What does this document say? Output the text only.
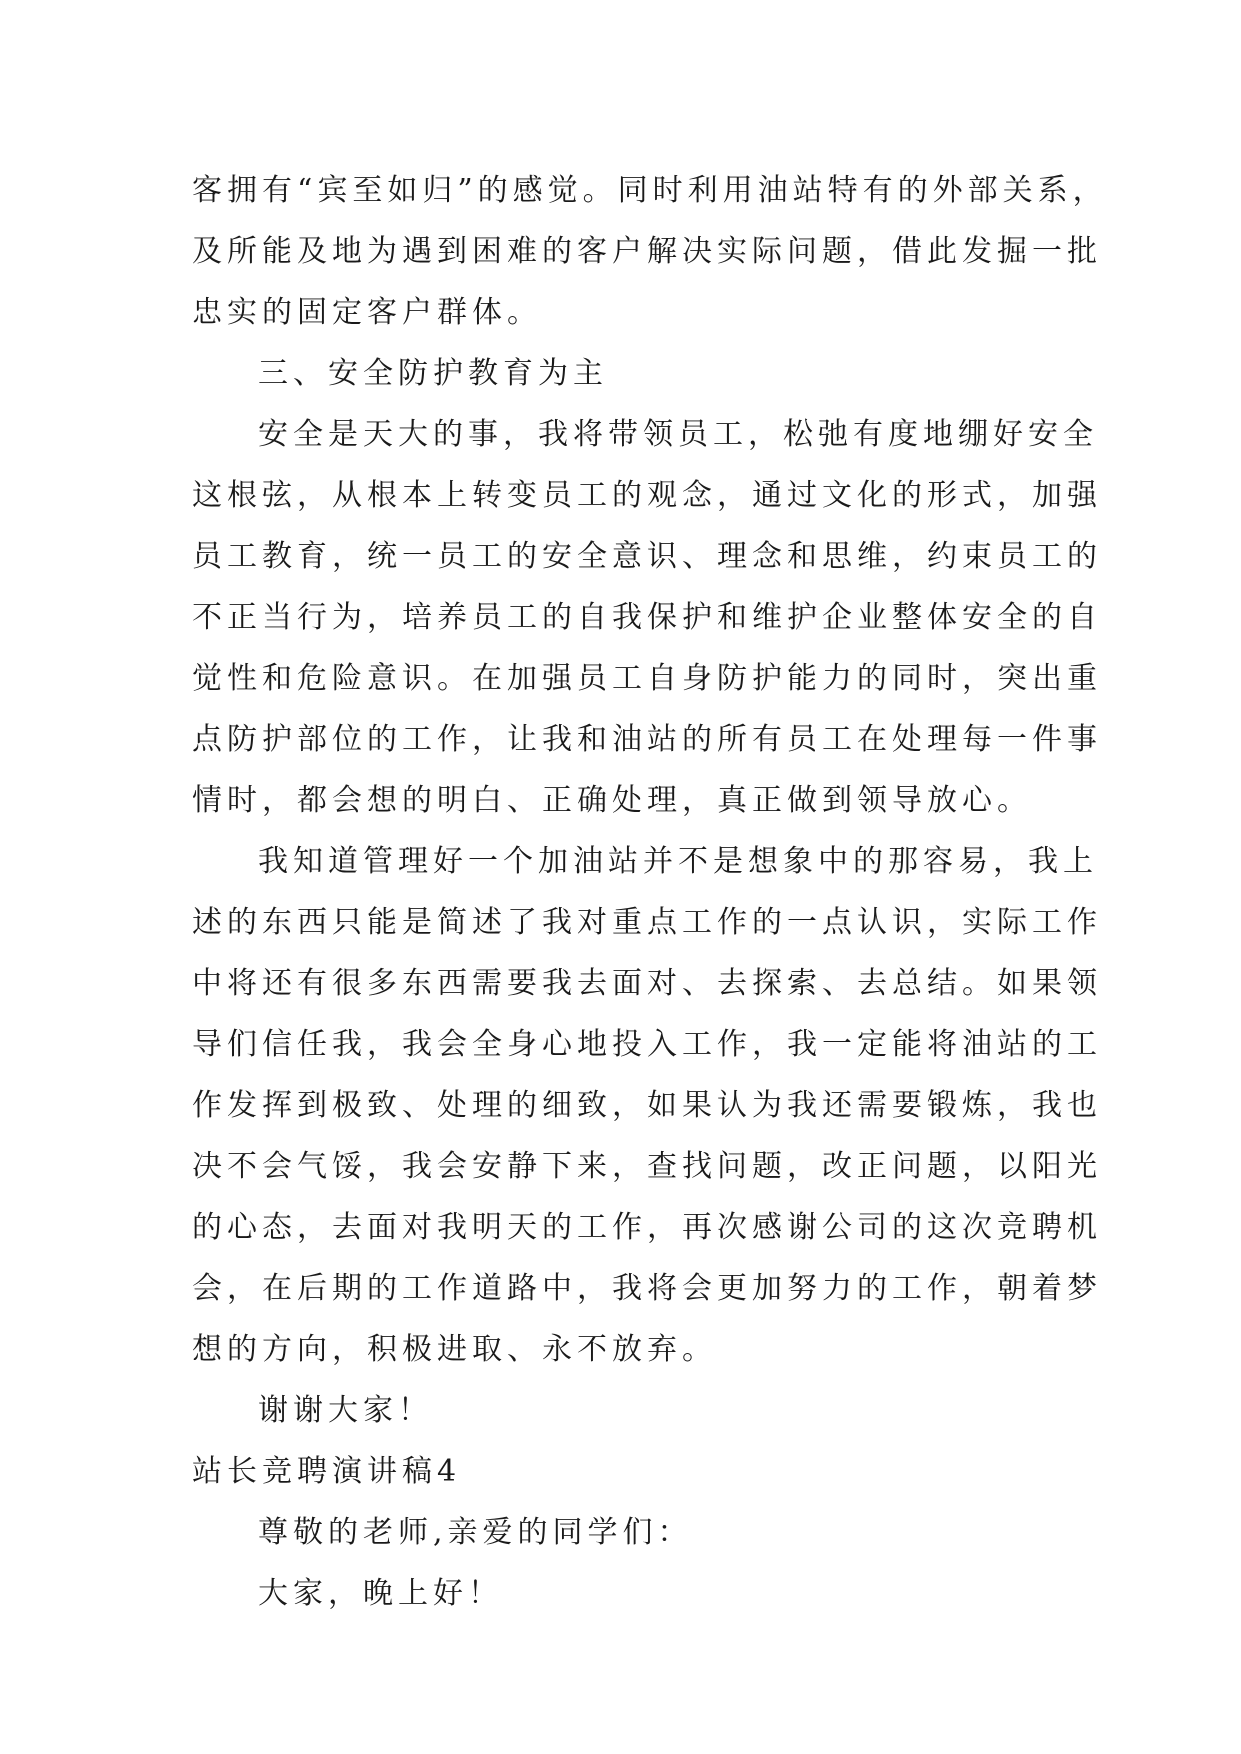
客拥有“宾至如归”的感觉。同时利用油站特有的外部关系，
及所能及地为遇到困难的客户解决实际问题，借此发掘一批
忠实的固定客户群体。
三、安全防护教育为主
安全是天大的事，我将带领员工，松弛有度地绷好安全
这根弦，从根本上转变员工的观念，通过文化的形式，加强
员工教育，统一员工的安全意识、理念和思维，约束员工的
不正当行为，培养员工的自我保护和维护企业整体安全的自
觉性和危险意识。在加强员工自身防护能力的同时，突出重
点防护部位的工作，让我和油站的所有员工在处理每一件事
情时，都会想的明白、正确处理，真正做到领导放心。
我知道管理好一个加油站并不是想象中的那容易，我上
述的东西只能是简述了我对重点工作的一点认识，实际工作
中将还有很多东西需要我去面对、去探索、去总结。如果领
导们信任我，我会全身心地投入工作，我一定能将油站的工
作发挥到极致、处理的细致，如果认为我还需要锻炼，我也
决不会气馁，我会安静下来，查找问题，改正问题，以阳光
的心态，去面对我明天的工作，再次感谢公司的这次竞聘机
会，在后期的工作道路中，我将会更加努力的工作，朝着梦
想的方向，积极进取、永不放弃。
谢谢大家！
站长竞聘演讲稿4
尊敬的老师,亲爱的同学们：
大家，晚上好！
